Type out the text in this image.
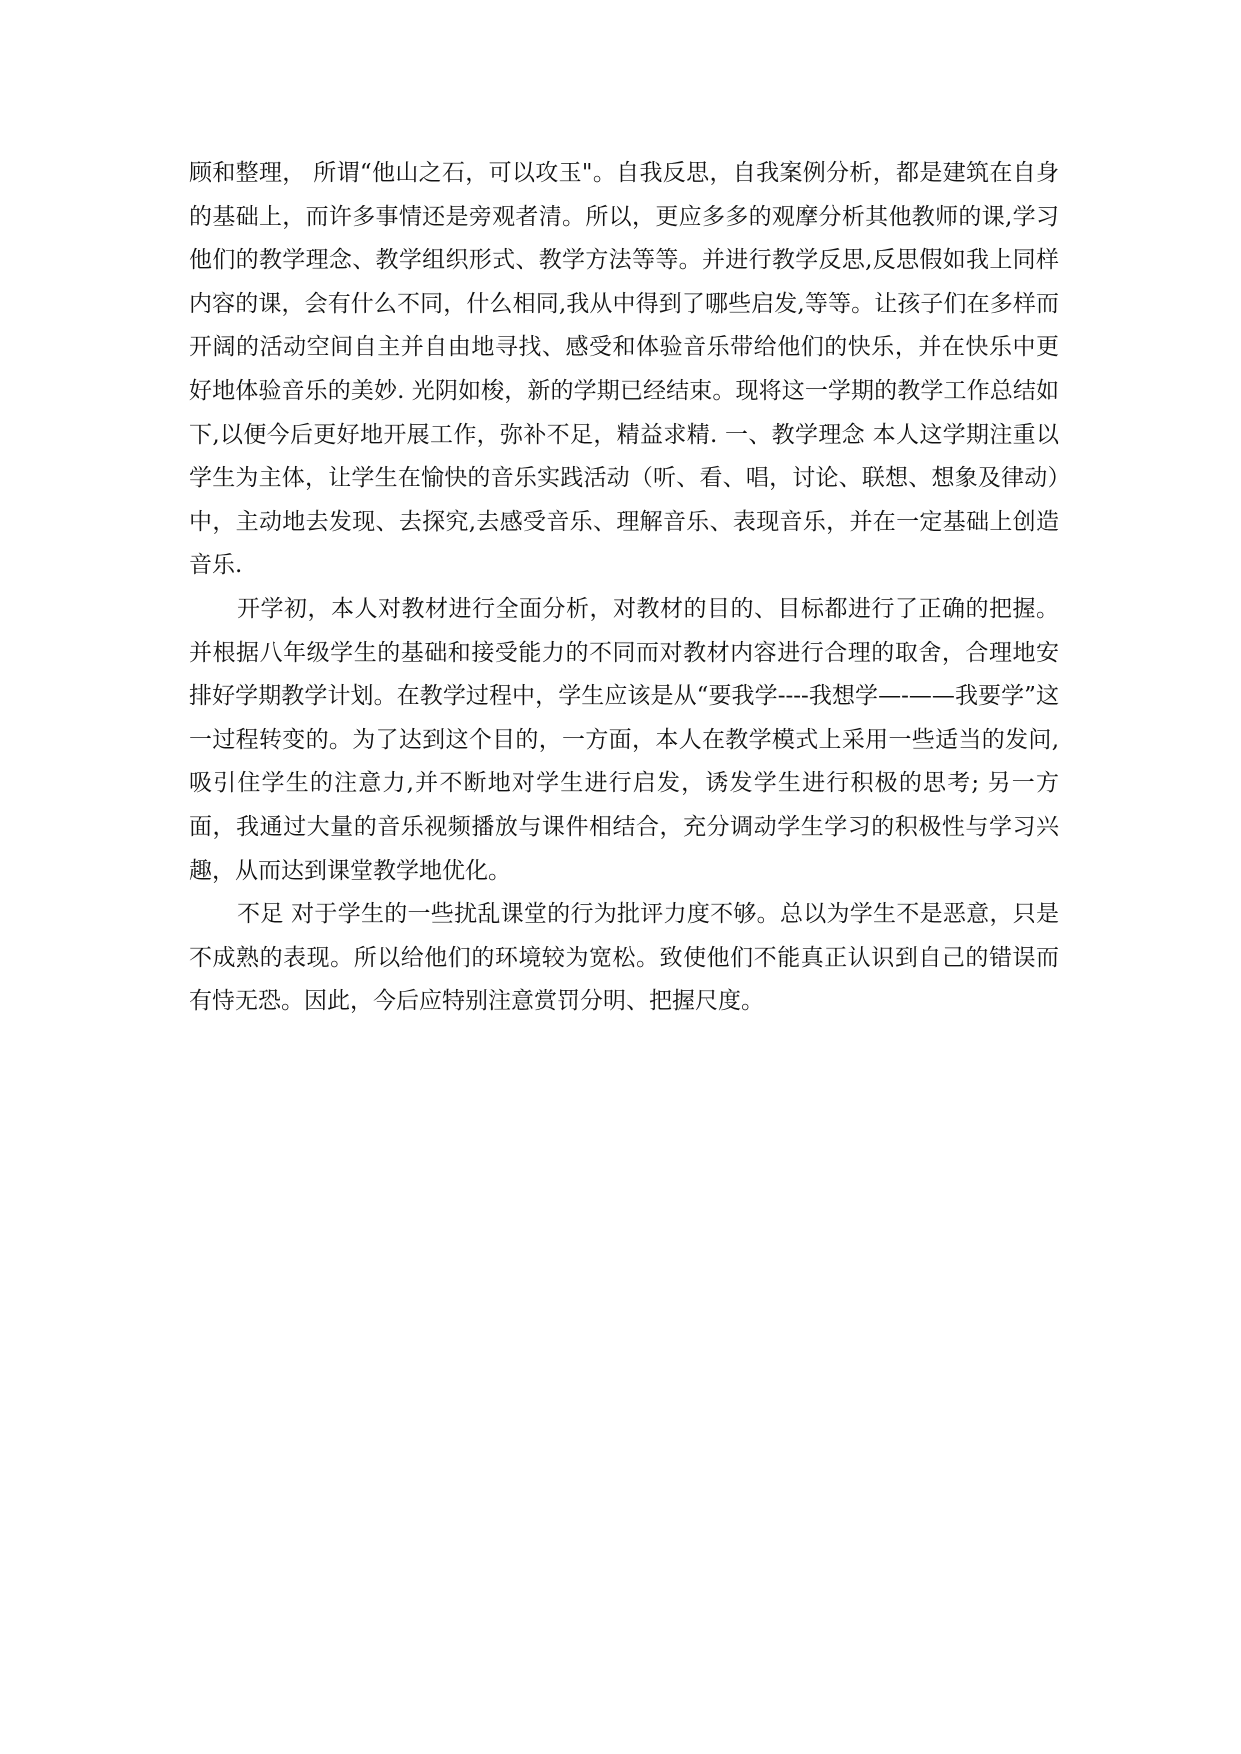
顾和整理， 所谓“他山之石，可以攻玉"。自我反思，自我案例分析，都是建筑在自身的基础上，而许多事情还是旁观者清。所以，更应多多的观摩分析其他教师的课,学习他们的教学理念、教学组织形式、教学方法等等。并进行教学反思,反思假如我上同样内容的课，会有什么不同，什么相同,我从中得到了哪些启发,等等。让孩子们在多样而开阔的活动空间自主并自由地寻找、感受和体验音乐带给他们的快乐，并在快乐中更好地体验音乐的美妙. 光阴如梭，新的学期已经结束。现将这一学期的教学工作总结如下,以便今后更好地开展工作，弥补不足，精益求精. 一、教学理念 本人这学期注重以学生为主体，让学生在愉快的音乐实践活动（听、看、唱，讨论、联想、想象及律动）中，主动地去发现、去探究,去感受音乐、理解音乐、表现音乐，并在一定基础上创造音乐.

开学初，本人对教材进行全面分析，对教材的目的、目标都进行了正确的把握。并根据八年级学生的基础和接受能力的不同而对教材内容进行合理的取舍，合理地安排好学期教学计划。在教学过程中，学生应该是从“要我学----我想学—-——我要学”这一过程转变的。为了达到这个目的，一方面，本人在教学模式上采用一些适当的发问,吸引住学生的注意力,并不断地对学生进行启发，诱发学生进行积极的思考; 另一方面，我通过大量的音乐视频播放与课件相结合，充分调动学生学习的积极性与学习兴趣，从而达到课堂教学地优化。

不足 对于学生的一些扰乱课堂的行为批评力度不够。总以为学生不是恶意，只是不成熟的表现。所以给他们的环境较为宽松。致使他们不能真正认识到自己的错误而有恃无恐。因此，今后应特别注意赏罚分明、把握尺度。
